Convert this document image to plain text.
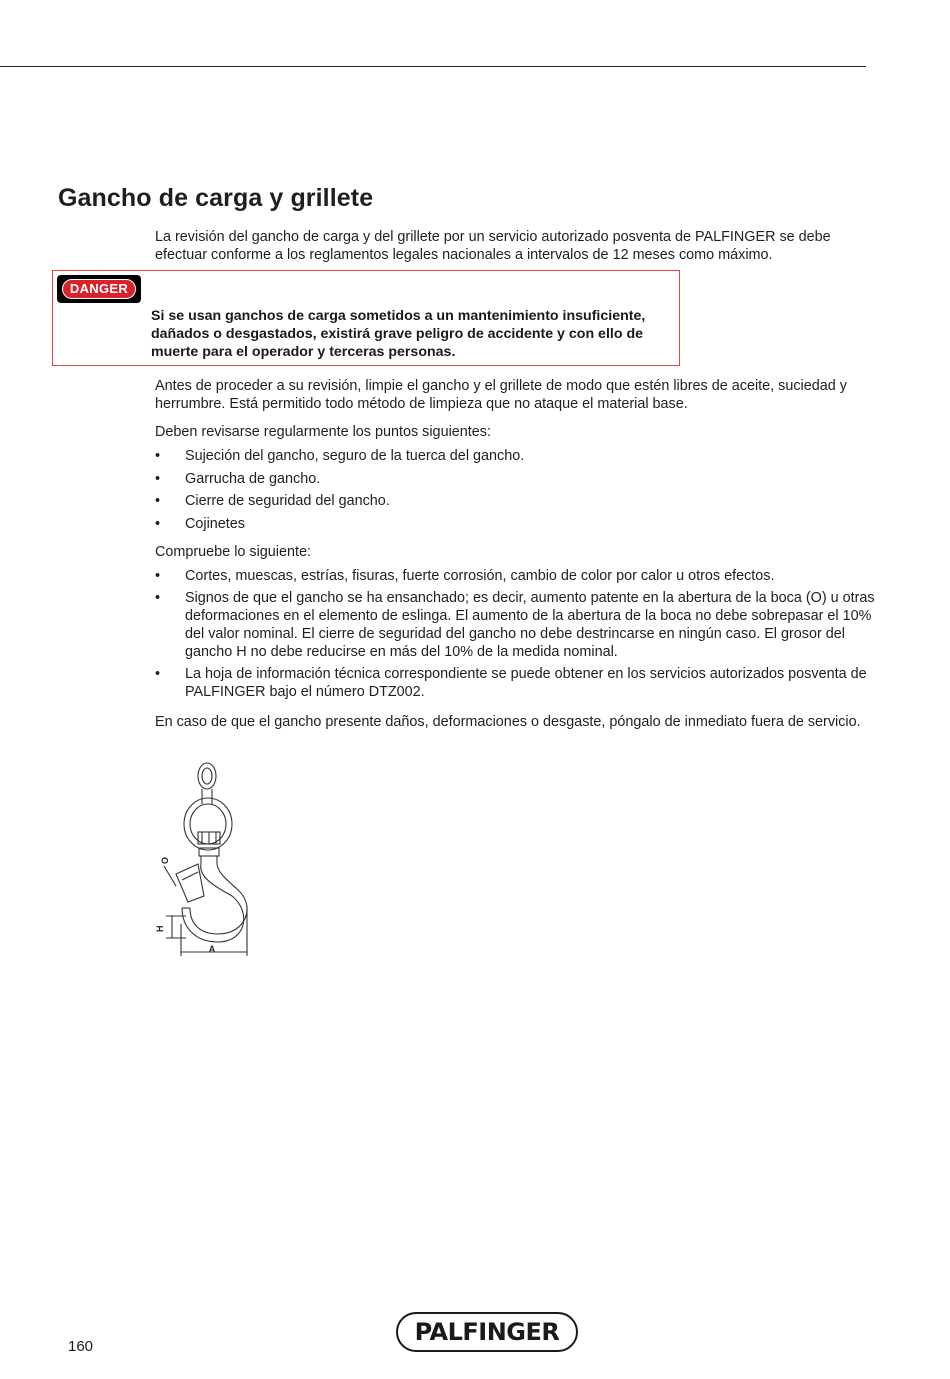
Gancho de carga y grillete

La revisión del gancho de carga y del grillete por un servicio autorizado posventa de PALFINGER se debe efectuar conforme a los reglamentos legales nacionales a intervalos de 12 meses como máximo.

DANGER

Si se usan ganchos de carga sometidos a un mantenimiento insuficiente, dañados o desgastados, existirá grave peligro de accidente y con ello de muerte para el operador y terceras personas.

Antes de proceder a su revisión, limpie el gancho y el grillete de modo que estén libres de aceite, suciedad y herrumbre. Está permitido todo método de limpieza que no ataque el material base.

Deben revisarse regularmente los puntos siguientes:

• Sujeción del gancho, seguro de la tuerca del gancho.
• Garrucha de gancho.
• Cierre de seguridad del gancho.
• Cojinetes

Compruebe lo siguiente:

• Cortes, muescas, estrías, fisuras, fuerte corrosión, cambio de color por calor u otros efectos.
• Signos de que el gancho se ha ensanchado; es decir, aumento patente en la abertura de la boca (O) u otras deformaciones en el elemento de eslinga. El aumento de la abertura de la boca no debe sobrepasar el 10% del valor nominal. El cierre de seguridad del gancho no debe destrincarse en ningún caso. El grosor del gancho H no debe reducirse en más del 10% de la medida nominal.
• La hoja de información técnica correspondiente se puede obtener en los servicios autorizados posventa de PALFINGER bajo el número DTZ002.

En caso de que el gancho presente daños, deformaciones o desgaste, póngalo de inmediato fuera de servicio.

O
H
A
160
PALFINGER
